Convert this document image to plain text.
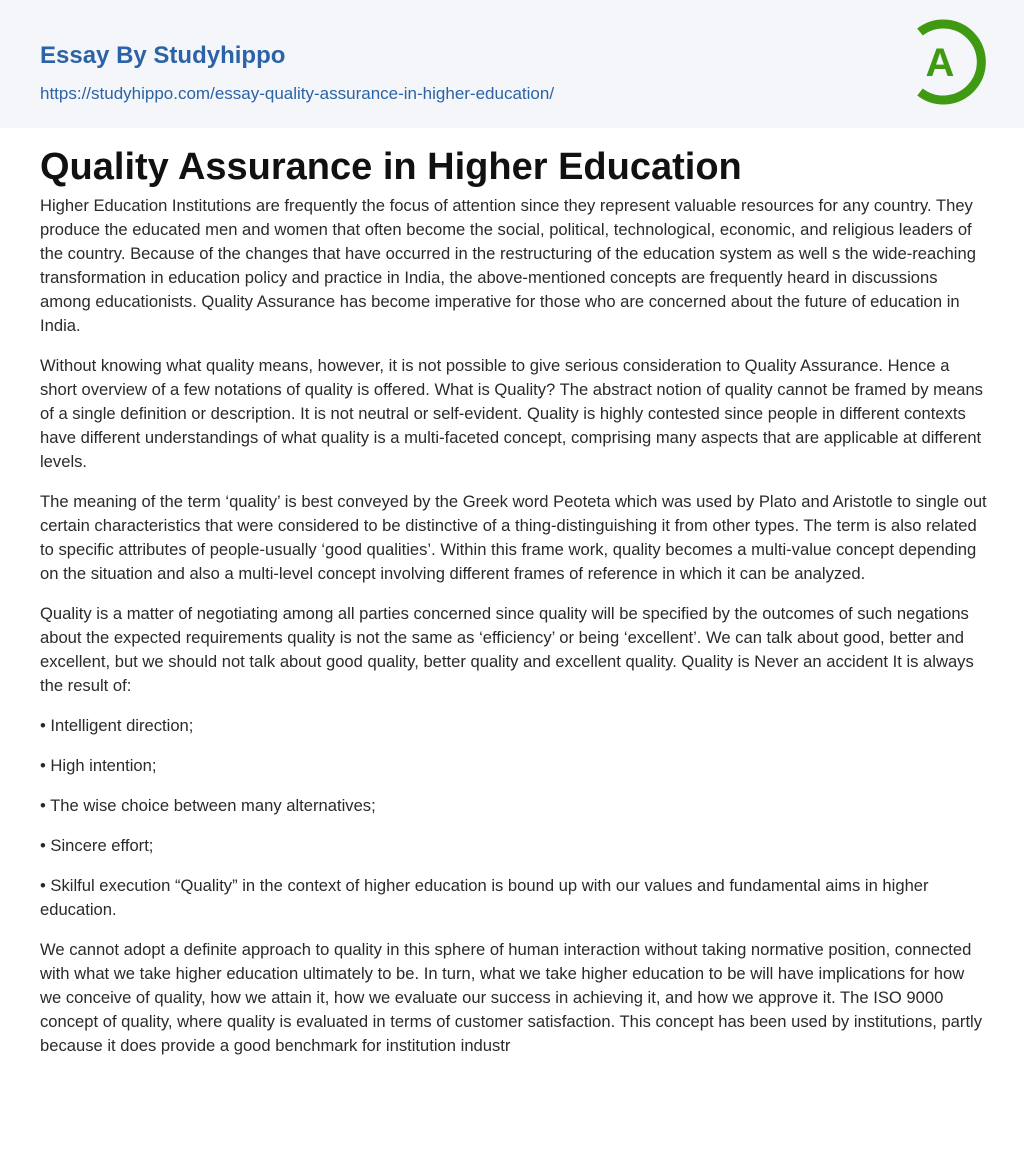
Essay By Studyhippo
https://studyhippo.com/essay-quality-assurance-in-higher-education/
A
Quality Assurance in Higher Education

Higher Education Institutions are frequently the focus of attention since they represent valuable resources for any country. They produce the educated men and women that often become the social, political, technological, economic, and religious leaders of the country. Because of the changes that have occurred in the restructuring of the education system as well s the wide-reaching transformation in education policy and practice in India, the above-mentioned concepts are frequently heard in discussions among educationists. Quality Assurance has become imperative for those who are concerned about the future of education in India.

Without knowing what quality means, however, it is not possible to give serious consideration to Quality Assurance. Hence a short overview of a few notations of quality is offered. What is Quality? The abstract notion of quality cannot be framed by means of a single definition or description. It is not neutral or self-evident. Quality is highly contested since people in different contexts have different understandings of what quality is a multi-faceted concept, comprising many aspects that are applicable at different levels.

The meaning of the term ‘quality’ is best conveyed by the Greek word Peoteta which was used by Plato and Aristotle to single out certain characteristics that were considered to be distinctive of a thing-distinguishing it from other types. The term is also related to specific attributes of people-usually ‘good qualities’. Within this frame work, quality becomes a multi-value concept depending on the situation and also a multi-level concept involving different frames of reference in which it can be analyzed.

Quality is a matter of negotiating among all parties concerned since quality will be specified by the outcomes of such negations about the expected requirements quality is not the same as ‘efficiency’ or being ‘excellent’. We can talk about good, better and excellent, but we should not talk about good quality, better quality and excellent quality. Quality is Never an accident It is always the result of:

• Intelligent direction;

• High intention;

• The wise choice between many alternatives;

• Sincere effort;

• Skilful execution “Quality” in the context of higher education is bound up with our values and fundamental aims in higher education.

We cannot adopt a definite approach to quality in this sphere of human interaction without taking normative position, connected with what we take higher education ultimately to be. In turn, what we take higher education to be will have implications for how we conceive of quality, how we attain it, how we evaluate our success in achieving it, and how we approve it. The ISO 9000 concept of quality, where quality is evaluated in terms of customer satisfaction. This concept has been used by institutions, partly because it does provide a good benchmark for institution industr
